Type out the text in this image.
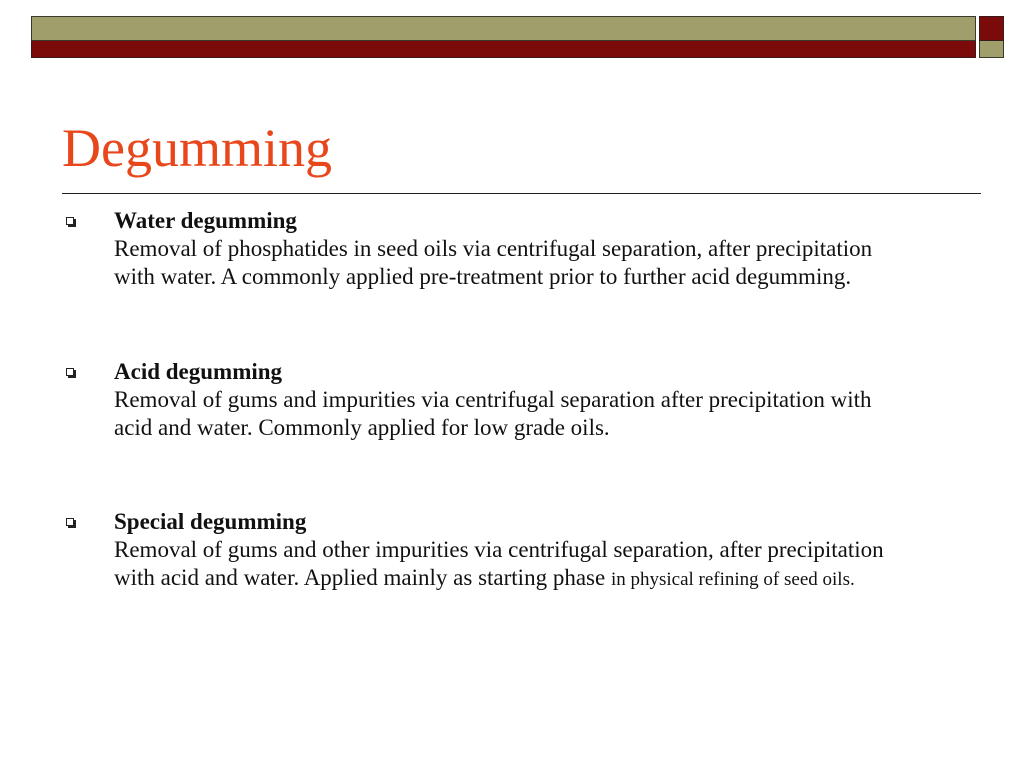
Degumming
Water degumming
Removal of phosphatides in seed oils via centrifugal separation, after precipitation with water. A commonly applied pre-treatment prior to further acid degumming.
Acid degumming
Removal of gums and impurities via centrifugal separation after precipitation with acid and water. Commonly applied for low grade oils.
Special degumming
Removal of gums and other impurities via centrifugal separation, after precipitation with acid and water. Applied mainly as starting phase in physical refining of seed oils.
